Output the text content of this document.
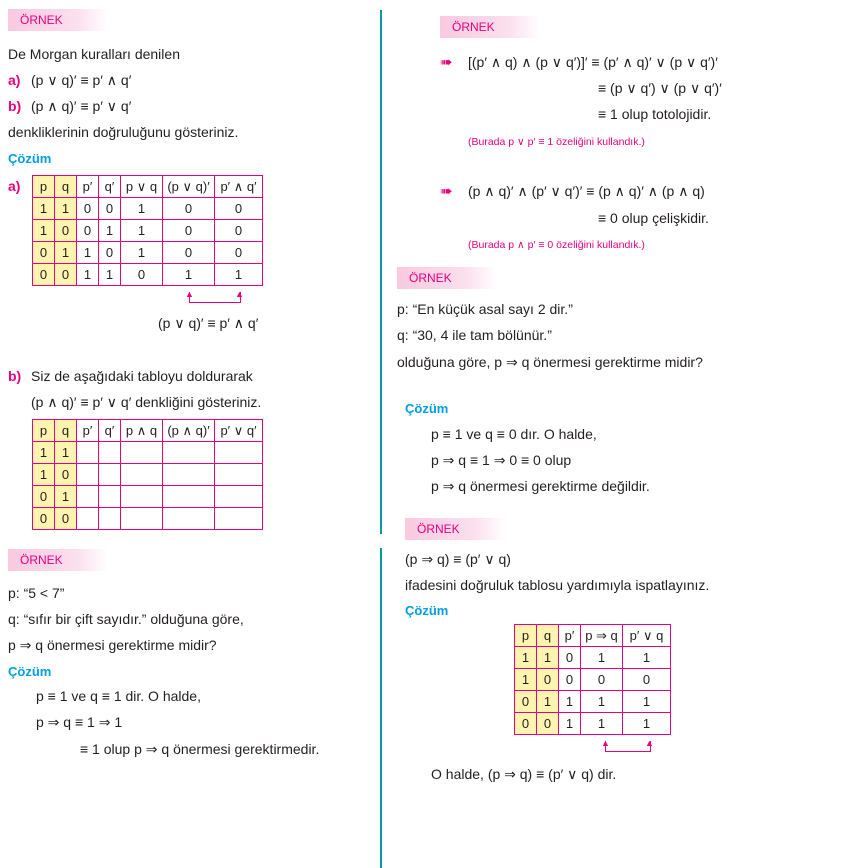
ÖRNEK
De Morgan kuralları denilen
a) (p ∨ q)′ ≡ p′ ∧ q′
b) (p ∧ q)′ ≡ p′ ∨ q′
denkliklerinin doğruluğunu gösteriniz.
Çözüm
a) p	q	p′	q′	p ∨ q	(p ∨ q)′	p′ ∧ q′
1	1	0	0	1	0	0
1	0	0	1	1	0	0
0	1	1	0	1	0	0
0	0	1	1	0	1	1
▲	▲
(p ∨ q)′ ≡ p′ ∧ q′
b) Siz de aşağıdaki tabloyu doldurarak
(p ∧ q)′ ≡ p′ ∨ q′ denkliğini gösteriniz.
p	q	p′	q′	p ∧ q	(p ∧ q)′	p′ ∨ q′
1	1					
1	0					
0	1					
0	0					
ÖRNEK
p: “5 < 7”
q: “sıfır bir çift sayıdır.” olduğuna göre,
p ⇒ q önermesi gerektirme midir?
Çözüm
p ≡ 1 ve q ≡ 1 dir. O halde,
p ⇒ q ≡ 1 ⇒ 1
≡ 1 olup p ⇒ q önermesi gerektirmedir.
ÖRNEK
➠ [(p′ ∧ q) ∧ (p ∨ q′)]′ ≡ (p′ ∧ q)′ ∨ (p ∨ q′)′
≡ (p ∨ q′) ∨ (p ∨ q′)′
≡ 1 olup totolojidir.
(Burada p ∨ p′ ≡ 1 özeliğini kullandık.)
➠ (p ∧ q)′ ∧ (p′ ∨ q′)′ ≡ (p ∧ q)′ ∧ (p ∧ q)
≡ 0 olup çelişkidir.
(Burada p ∧ p′ ≡ 0 özeliğini kullandık.)
ÖRNEK
p: “En küçük asal sayı 2 dir.”
q: “30, 4 ile tam bölünür.”
olduğuna göre, p ⇒ q önermesi gerektirme midir?
Çözüm
p ≡ 1 ve q ≡ 0 dır. O halde,
p ⇒ q ≡ 1 ⇒ 0 ≡ 0 olup
p ⇒ q önermesi gerektirme değildir.
ÖRNEK
(p ⇒ q) ≡ (p′ ∨ q)
ifadesini doğruluk tablosu yardımıyla ispatlayınız.
Çözüm
p	q	p′	p ⇒ q	p′ ∨ q
1	1	0	1	1
1	0	0	0	0
0	1	1	1	1
0	0	1	1	1
▲	▲
O halde, (p ⇒ q) ≡ (p′ ∨ q) dir.
